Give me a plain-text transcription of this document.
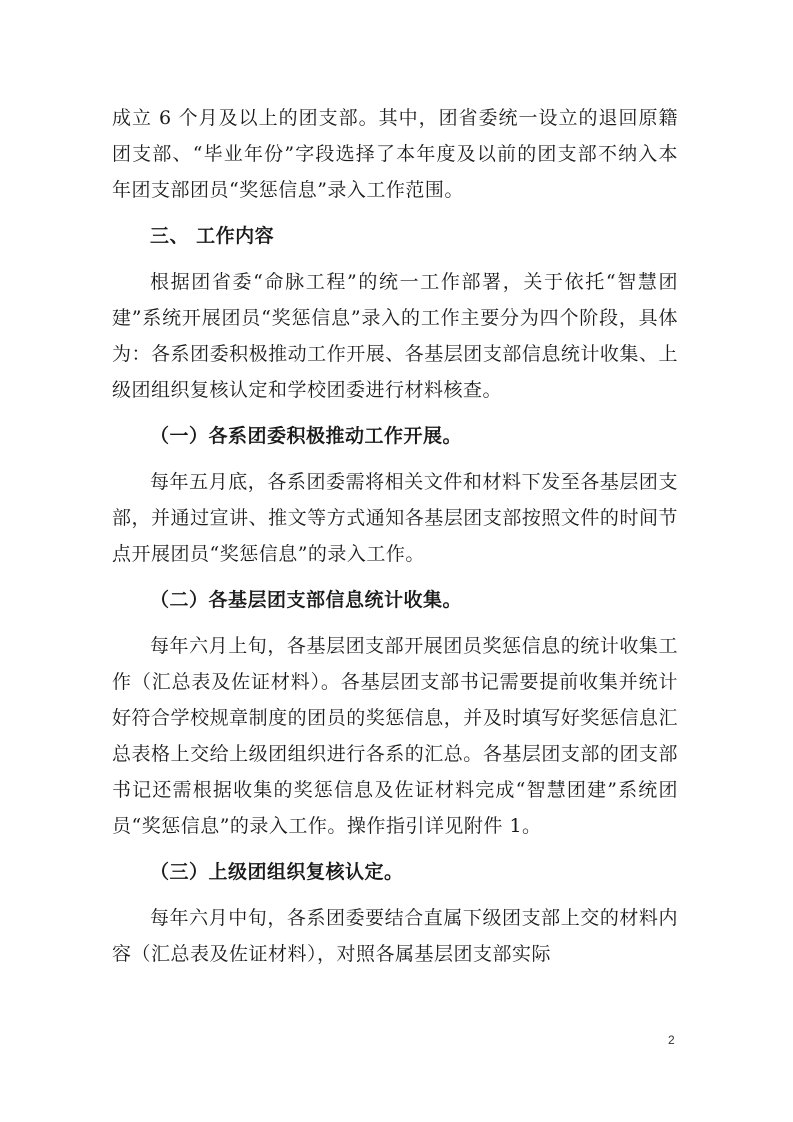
成立 6 个月及以上的团支部。其中，团省委统一设立的退回原籍团支部、“毕业年份”字段选择了本年度及以前的团支部不纳入本年团支部团员“奖惩信息”录入工作范围。

三、 工作内容

根据团省委“命脉工程”的统一工作部署，关于依托“智慧团建”系统开展团员“奖惩信息”录入的工作主要分为四个阶段，具体为：各系团委积极推动工作开展、各基层团支部信息统计收集、上级团组织复核认定和学校团委进行材料核查。

（一）各系团委积极推动工作开展。

每年五月底，各系团委需将相关文件和材料下发至各基层团支部，并通过宣讲、推文等方式通知各基层团支部按照文件的时间节点开展团员“奖惩信息”的录入工作。

（二）各基层团支部信息统计收集。

每年六月上旬，各基层团支部开展团员奖惩信息的统计收集工作（汇总表及佐证材料）。各基层团支部书记需要提前收集并统计好符合学校规章制度的团员的奖惩信息，并及时填写好奖惩信息汇总表格上交给上级团组织进行各系的汇总。各基层团支部的团支部书记还需根据收集的奖惩信息及佐证材料完成“智慧团建”系统团员“奖惩信息”的录入工作。操作指引详见附件 1。

（三）上级团组织复核认定。

每年六月中旬，各系团委要结合直属下级团支部上交的材料内容（汇总表及佐证材料），对照各属基层团支部实际

2
